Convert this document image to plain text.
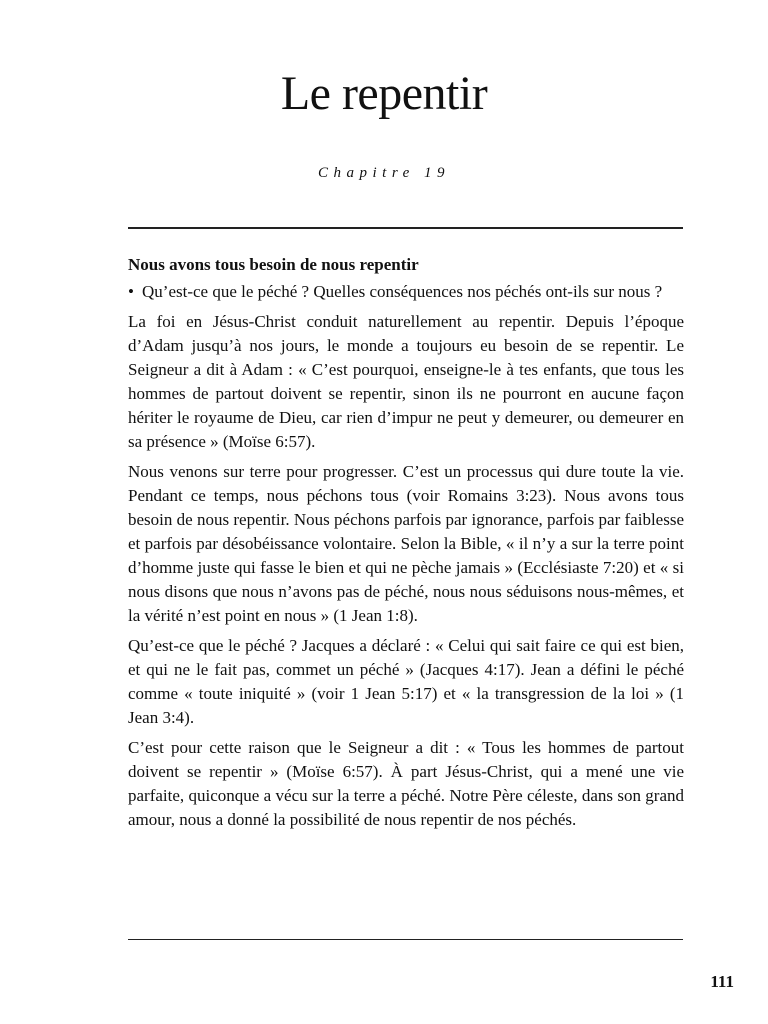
Le repentir
Chapitre 19
Nous avons tous besoin de nous repentir
• Qu’est-ce que le péché ? Quelles conséquences nos péchés ont-ils sur nous ?

La foi en Jésus-Christ conduit naturellement au repentir. Depuis l’époque d’Adam jusqu’à nos jours, le monde a toujours eu besoin de se repentir. Le Seigneur a dit à Adam : « C’est pourquoi, enseigne-le à tes enfants, que tous les hommes de partout doivent se repentir, sinon ils ne pourront en aucune façon hériter le royaume de Dieu, car rien d’impur ne peut y demeurer, ou demeurer en sa présence » (Moïse 6:57).

Nous venons sur terre pour progresser. C’est un processus qui dure toute la vie. Pendant ce temps, nous péchons tous (voir Romains 3:23). Nous avons tous besoin de nous repentir. Nous péchons parfois par ignorance, parfois par faiblesse et parfois par désobéissance volontaire. Selon la Bible, « il n’y a sur la terre point d’homme juste qui fasse le bien et qui ne pèche jamais » (Ecclésiaste 7:20) et « si nous disons que nous n’avons pas de péché, nous nous séduisons nous-mêmes, et la vérité n’est point en nous » (1 Jean 1:8).

Qu’est-ce que le péché ? Jacques a déclaré : « Celui qui sait faire ce qui est bien, et qui ne le fait pas, commet un péché » (Jacques 4:17). Jean a défini le péché comme « toute iniquité » (voir 1 Jean 5:17) et « la transgression de la loi » (1 Jean 3:4).

C’est pour cette raison que le Seigneur a dit : « Tous les hommes de partout doivent se repentir » (Moïse 6:57). À part Jésus-Christ, qui a mené une vie parfaite, quiconque a vécu sur la terre a péché. Notre Père céleste, dans son grand amour, nous a donné la possibilité de nous repentir de nos péchés.

111
